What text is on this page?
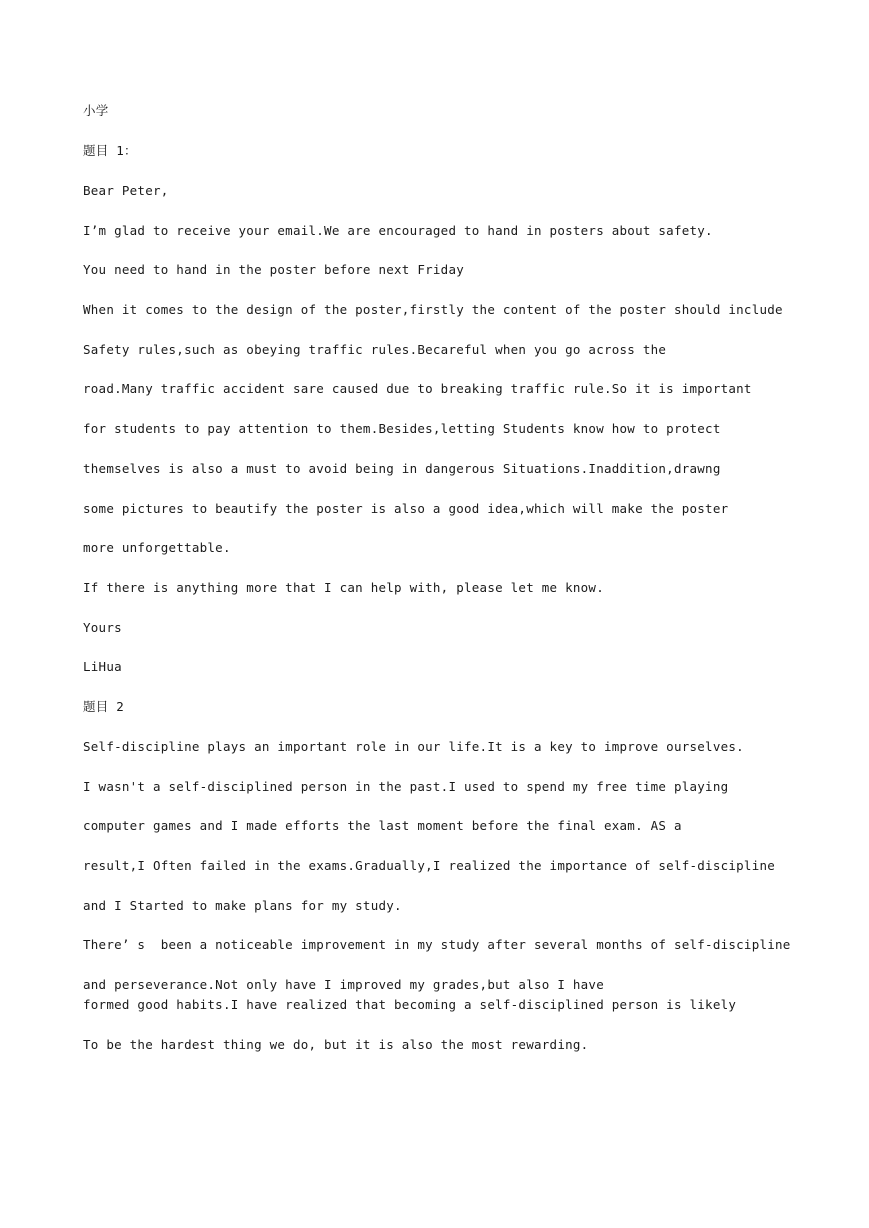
小学

题目 1：

Bear Peter,

I’m glad to receive your email.We are encouraged to hand in posters about safety.

You need to hand in the poster before next Friday

When it comes to the design of the poster,firstly the content of the poster should include

Safety rules,such as obeying traffic rules.Becareful when you go across the

road.Many traffic accident sare caused due to breaking traffic rule.So it is important

for students to pay attention to them.Besides,letting Students know how to protect

themselves is also a must to avoid being in dangerous Situations.Inaddition,drawng

some pictures to beautify the poster is also a good idea,which will make the poster

more unforgettable.

If there is anything more that I can help with, please let me know.

Yours

LiHua

题目 2

Self-discipline plays an important role in our life.It is a key to improve ourselves.

I wasn't a self-disciplined person in the past.I used to spend my free time playing

computer games and I made efforts the last moment before the final exam. AS a

result,I Often failed in the exams.Gradually,I realized the importance of self-discipline

and I Started to make plans for my study.

There’ s  been a noticeable improvement in my study after several months of self-discipline

and perseverance.Not only have I improved my grades,but also I have

formed good habits.I have realized that becoming a self-disciplined person is likely

To be the hardest thing we do, but it is also the most rewarding.
